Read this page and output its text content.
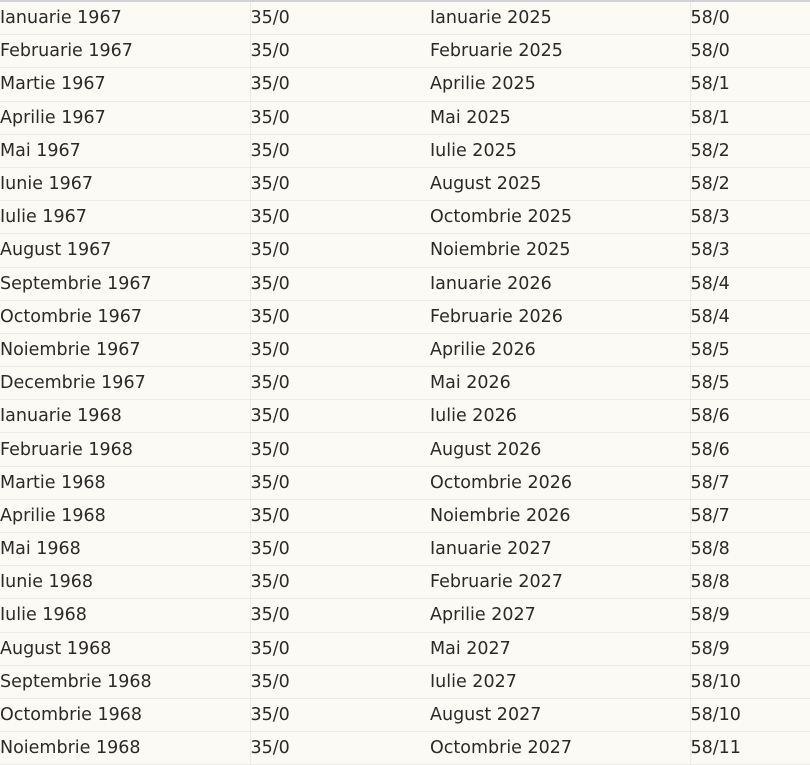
Ianuarie 1967	35/0	Ianuarie 2025	58/0
Februarie 1967	35/0	Februarie 2025	58/0
Martie 1967	35/0	Aprilie 2025	58/1
Aprilie 1967	35/0	Mai 2025	58/1
Mai 1967	35/0	Iulie 2025	58/2
Iunie 1967	35/0	August 2025	58/2
Iulie 1967	35/0	Octombrie 2025	58/3
August 1967	35/0	Noiembrie 2025	58/3
Septembrie 1967	35/0	Ianuarie 2026	58/4
Octombrie 1967	35/0	Februarie 2026	58/4
Noiembrie 1967	35/0	Aprilie 2026	58/5
Decembrie 1967	35/0	Mai 2026	58/5
Ianuarie 1968	35/0	Iulie 2026	58/6
Februarie 1968	35/0	August 2026	58/6
Martie 1968	35/0	Octombrie 2026	58/7
Aprilie 1968	35/0	Noiembrie 2026	58/7
Mai 1968	35/0	Ianuarie 2027	58/8
Iunie 1968	35/0	Februarie 2027	58/8
Iulie 1968	35/0	Aprilie 2027	58/9
August 1968	35/0	Mai 2027	58/9
Septembrie 1968	35/0	Iulie 2027	58/10
Octombrie 1968	35/0	August 2027	58/10
Noiembrie 1968	35/0	Octombrie 2027	58/11
